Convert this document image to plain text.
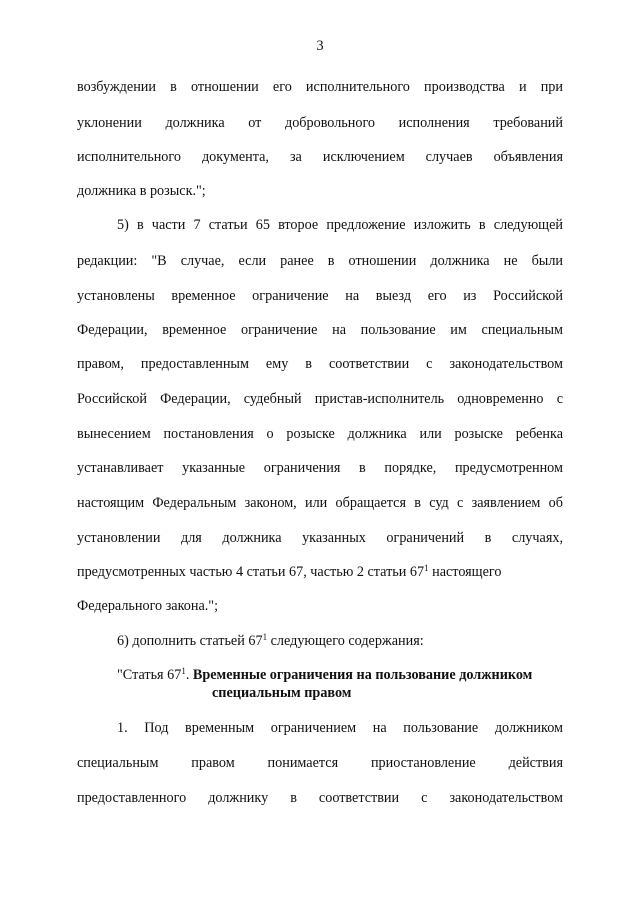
3
возбуждении в отношении его исполнительного производства и при
уклонении должника от добровольного исполнения требований
исполнительного документа, за исключением случаев объявления
должника в розыск.";
5) в части 7 статьи 65 второе предложение изложить в следующей
редакции: "В случае, если ранее в отношении должника не были
установлены временное ограничение на выезд его из Российской
Федерации, временное ограничение на пользование им специальным
правом, предоставленным ему в соответствии с законодательством
Российской Федерации, судебный пристав-исполнитель одновременно с
вынесением постановления о розыске должника или розыске ребенка
устанавливает указанные ограничения в порядке, предусмотренном
настоящим Федеральным законом, или обращается в суд с заявлением об
установлении для должника указанных ограничений в случаях,
предусмотренных частью 4 статьи 67, частью 2 статьи $67^1$ настоящего
Федерального закона.";
6) дополнить статьей $67^1$ следующего содержания:
"Статья $67^1$. Временные ограничения на пользование должником
специальным правом
1. Под временным ограничением на пользование должником
специальным правом понимается приостановление действия
предоставленного должнику в соответствии с законодательством
